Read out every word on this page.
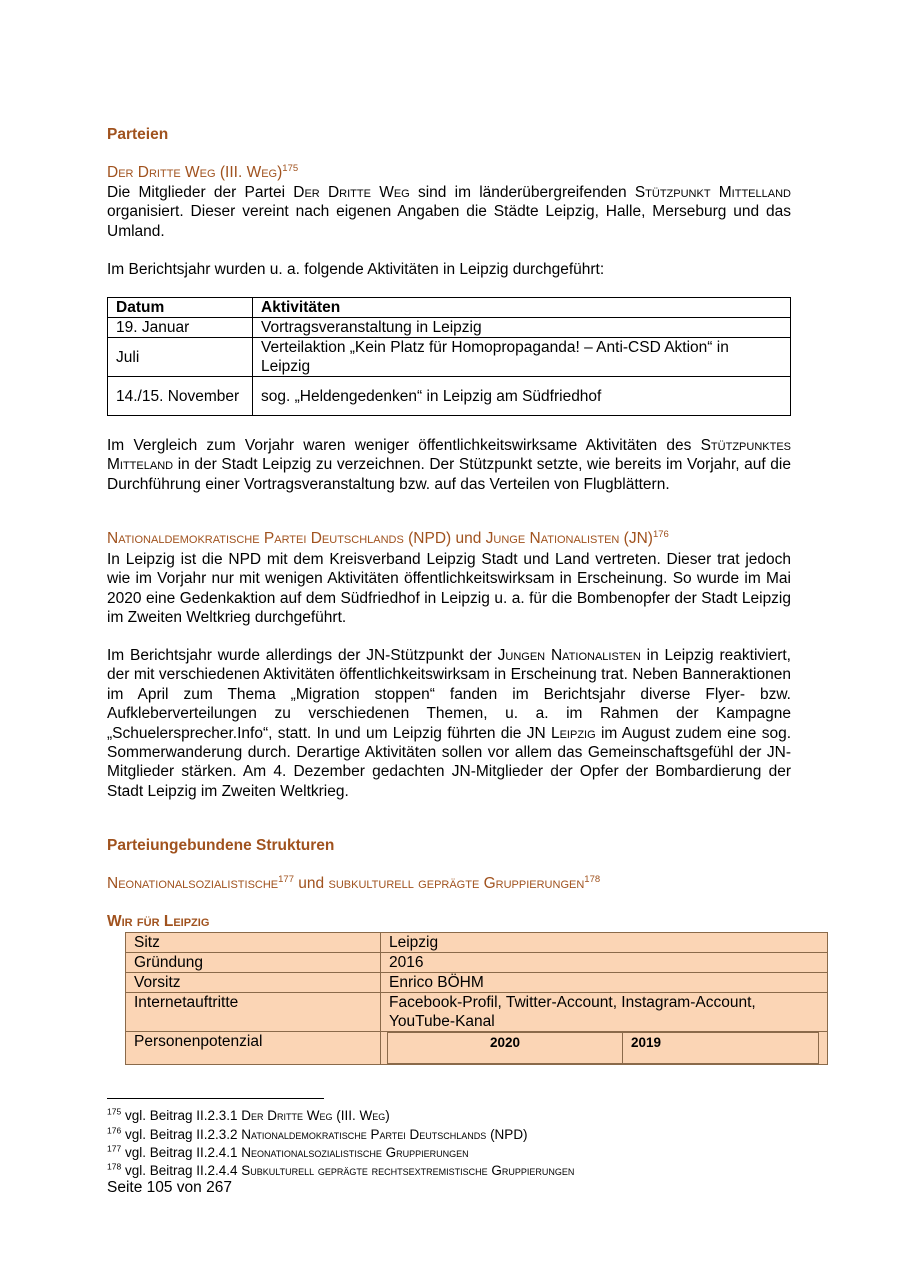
Parteien
Der Dritte Weg (III. Weg)$^{175}$

Die Mitglieder der Partei Der Dritte Weg sind im länderübergreifenden Stützpunkt Mittelland organisiert. Dieser vereint nach eigenen Angaben die Städte Leipzig, Halle, Merseburg und das Umland.

Im Berichtsjahr wurden u. a. folgende Aktivitäten in Leipzig durchgeführt:

Datum	Aktivitäten
19. Januar	Vortragsveranstaltung in Leipzig
Juli	Verteilaktion „Kein Platz für Homopropaganda! – Anti-CSD Aktion“ in Leipzig
14./15. November	sog. „Heldengedenken“ in Leipzig am Südfriedhof

Im Vergleich zum Vorjahr waren weniger öffentlichkeitswirksame Aktivitäten des Stützpunktes Mitteland in der Stadt Leipzig zu verzeichnen. Der Stützpunkt setzte, wie bereits im Vorjahr, auf die Durchführung einer Vortragsveranstaltung bzw. auf das Verteilen von Flugblättern.

Nationaldemokratische Partei Deutschlands (NPD) und Junge Nationalisten (JN)$^{176}$

In Leipzig ist die NPD mit dem Kreisverband Leipzig Stadt und Land vertreten. Dieser trat jedoch wie im Vorjahr nur mit wenigen Aktivitäten öffentlichkeitswirksam in Erscheinung. So wurde im Mai 2020 eine Gedenkaktion auf dem Südfriedhof in Leipzig u. a. für die Bombenopfer der Stadt Leipzig im Zweiten Weltkrieg durchgeführt.

Im Berichtsjahr wurde allerdings der JN-Stützpunkt der Jungen Nationalisten in Leipzig reaktiviert, der mit verschiedenen Aktivitäten öffentlichkeitswirksam in Erscheinung trat. Neben Banneraktionen im April zum Thema „Migration stoppen“ fanden im Berichtsjahr diverse Flyer- bzw. Aufkleberverteilungen zu verschiedenen Themen, u. a. im Rahmen der Kampagne „Schuelersprecher.Info“, statt. In und um Leipzig führten die JN Leipzig im August zudem eine sog. Sommerwanderung durch. Derartige Aktivitäten sollen vor allem das Gemeinschaftsgefühl der JN-Mitglieder stärken. Am 4. Dezember gedachten JN-Mitglieder der Opfer der Bombardierung der Stadt Leipzig im Zweiten Weltkrieg.

Parteiungebundene Strukturen
Neonationalsozialistische$^{177}$ und subkulturell geprägte Gruppierungen$^{178}$
Wir für Leipzig
Sitz	Leipzig
Gründung	2016
Vorsitz	Enrico BÖHM
Internetauftritte	Facebook-Profil, Twitter-Account, Instagram-Account, YouTube-Kanal
Personenpotenzial		2020	2019
$^{175}$ vgl. Beitrag II.2.3.1 Der Dritte Weg (III. Weg)
$^{176}$ vgl. Beitrag II.2.3.2 Nationaldemokratische Partei Deutschlands (NPD)
$^{177}$ vgl. Beitrag II.2.4.1 Neonationalsozialistische Gruppierungen
$^{178}$ vgl. Beitrag II.2.4.4 Subkulturell geprägte rechtsextremistische Gruppierungen
Seite 105 von 267
